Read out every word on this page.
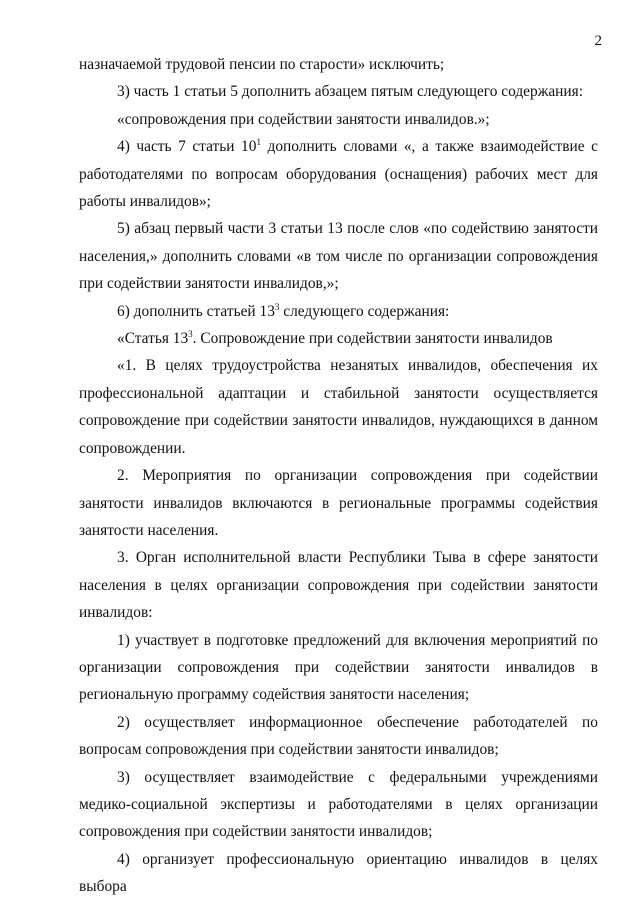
2

назначаемой трудовой пенсии по старости» исключить;

3) часть 1 статьи 5 дополнить абзацем пятым следующего содержания:

«сопровождения при содействии занятости инвалидов.»;

4) часть 7 статьи $10^1$ дополнить словами «, а также взаимодействие с работодателями по вопросам оборудования (оснащения) рабочих мест для работы инвалидов»;

5) абзац первый части 3 статьи 13 после слов «по содействию занятости населения,» дополнить словами «в том числе по организации сопровождения при содействии занятости инвалидов,»;

6) дополнить статьей $13^3$ следующего содержания:

«Статья $13^3$. Сопровождение при содействии занятости инвалидов

«1. В целях трудоустройства незанятых инвалидов, обеспечения их профессиональной адаптации и стабильной занятости осуществляется сопровождение при содействии занятости инвалидов, нуждающихся в данном сопровождении.

2. Мероприятия по организации сопровождения при содействии занятости инвалидов включаются в региональные программы содействия занятости населения.

3. Орган исполнительной власти Республики Тыва в сфере занятости населения в целях организации сопровождения при содействии занятости инвалидов:

1) участвует в подготовке предложений для включения мероприятий по организации сопровождения при содействии занятости инвалидов в региональную программу содействия занятости населения;

2) осуществляет информационное обеспечение работодателей по вопросам сопровождения при содействии занятости инвалидов;

3) осуществляет взаимодействие с федеральными учреждениями медико-социальной экспертизы и работодателями в целях организации сопровождения при содействии занятости инвалидов;

4) организует профессиональную ориентацию инвалидов в целях выбора
